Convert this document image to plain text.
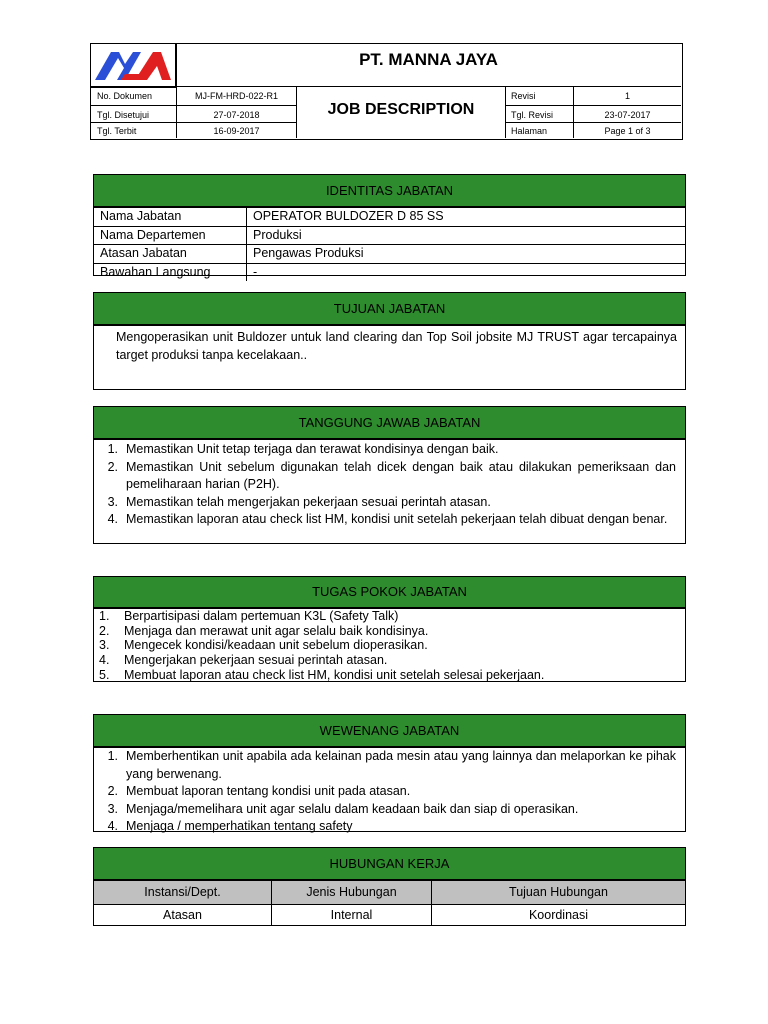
PT. MANNA JAYA
No. Dokumen	MJ-FM-HRD-022-R1
Tgl. Disetujui	27-07-2018
Tgl. Terbit	16-09-2017
JOB DESCRIPTION
Revisi	1
Tgl. Revisi	23-07-2017
Halaman	Page 1 of 3
IDENTITAS JABATAN
Nama Jabatan	OPERATOR BULDOZER D 85 SS
Nama Departemen	Produksi
Atasan Jabatan	Pengawas Produksi
Bawahan Langsung	-
TUJUAN JABATAN
Mengoperasikan unit Buldozer untuk land clearing dan Top Soil jobsite MJ TRUST agar tercapainya target produksi tanpa kecelakaan..
TANGGUNG JAWAB JABATAN
1. Memastikan Unit tetap terjaga dan terawat kondisinya dengan baik.
2. Memastikan Unit sebelum digunakan telah dicek dengan baik atau dilakukan pemeriksaan dan pemeliharaan harian (P2H).
3. Memastikan telah mengerjakan pekerjaan sesuai perintah atasan.
4. Memastikan laporan atau check list HM, kondisi unit setelah pekerjaan telah dibuat dengan benar.
TUGAS POKOK JABATAN
1.	Berpartisipasi dalam pertemuan K3L (Safety Talk)
2.	Menjaga dan merawat unit agar selalu baik kondisinya.
3.	Mengecek kondisi/keadaan unit sebelum dioperasikan.
4.	Mengerjakan pekerjaan sesuai perintah atasan.
5.	Membuat laporan atau check list HM, kondisi unit setelah selesai pekerjaan.
WEWENANG JABATAN
1. Memberhentikan unit apabila ada kelainan pada mesin atau yang lainnya dan melaporkan ke pihak yang berwenang.
2. Membuat laporan tentang kondisi unit pada atasan.
3. Menjaga/memelihara unit agar selalu dalam keadaan baik dan siap di operasikan.
4. Menjaga / memperhatikan tentang safety
HUBUNGAN KERJA
Instansi/Dept.	Jenis Hubungan	Tujuan Hubungan
Atasan	Internal	Koordinasi
